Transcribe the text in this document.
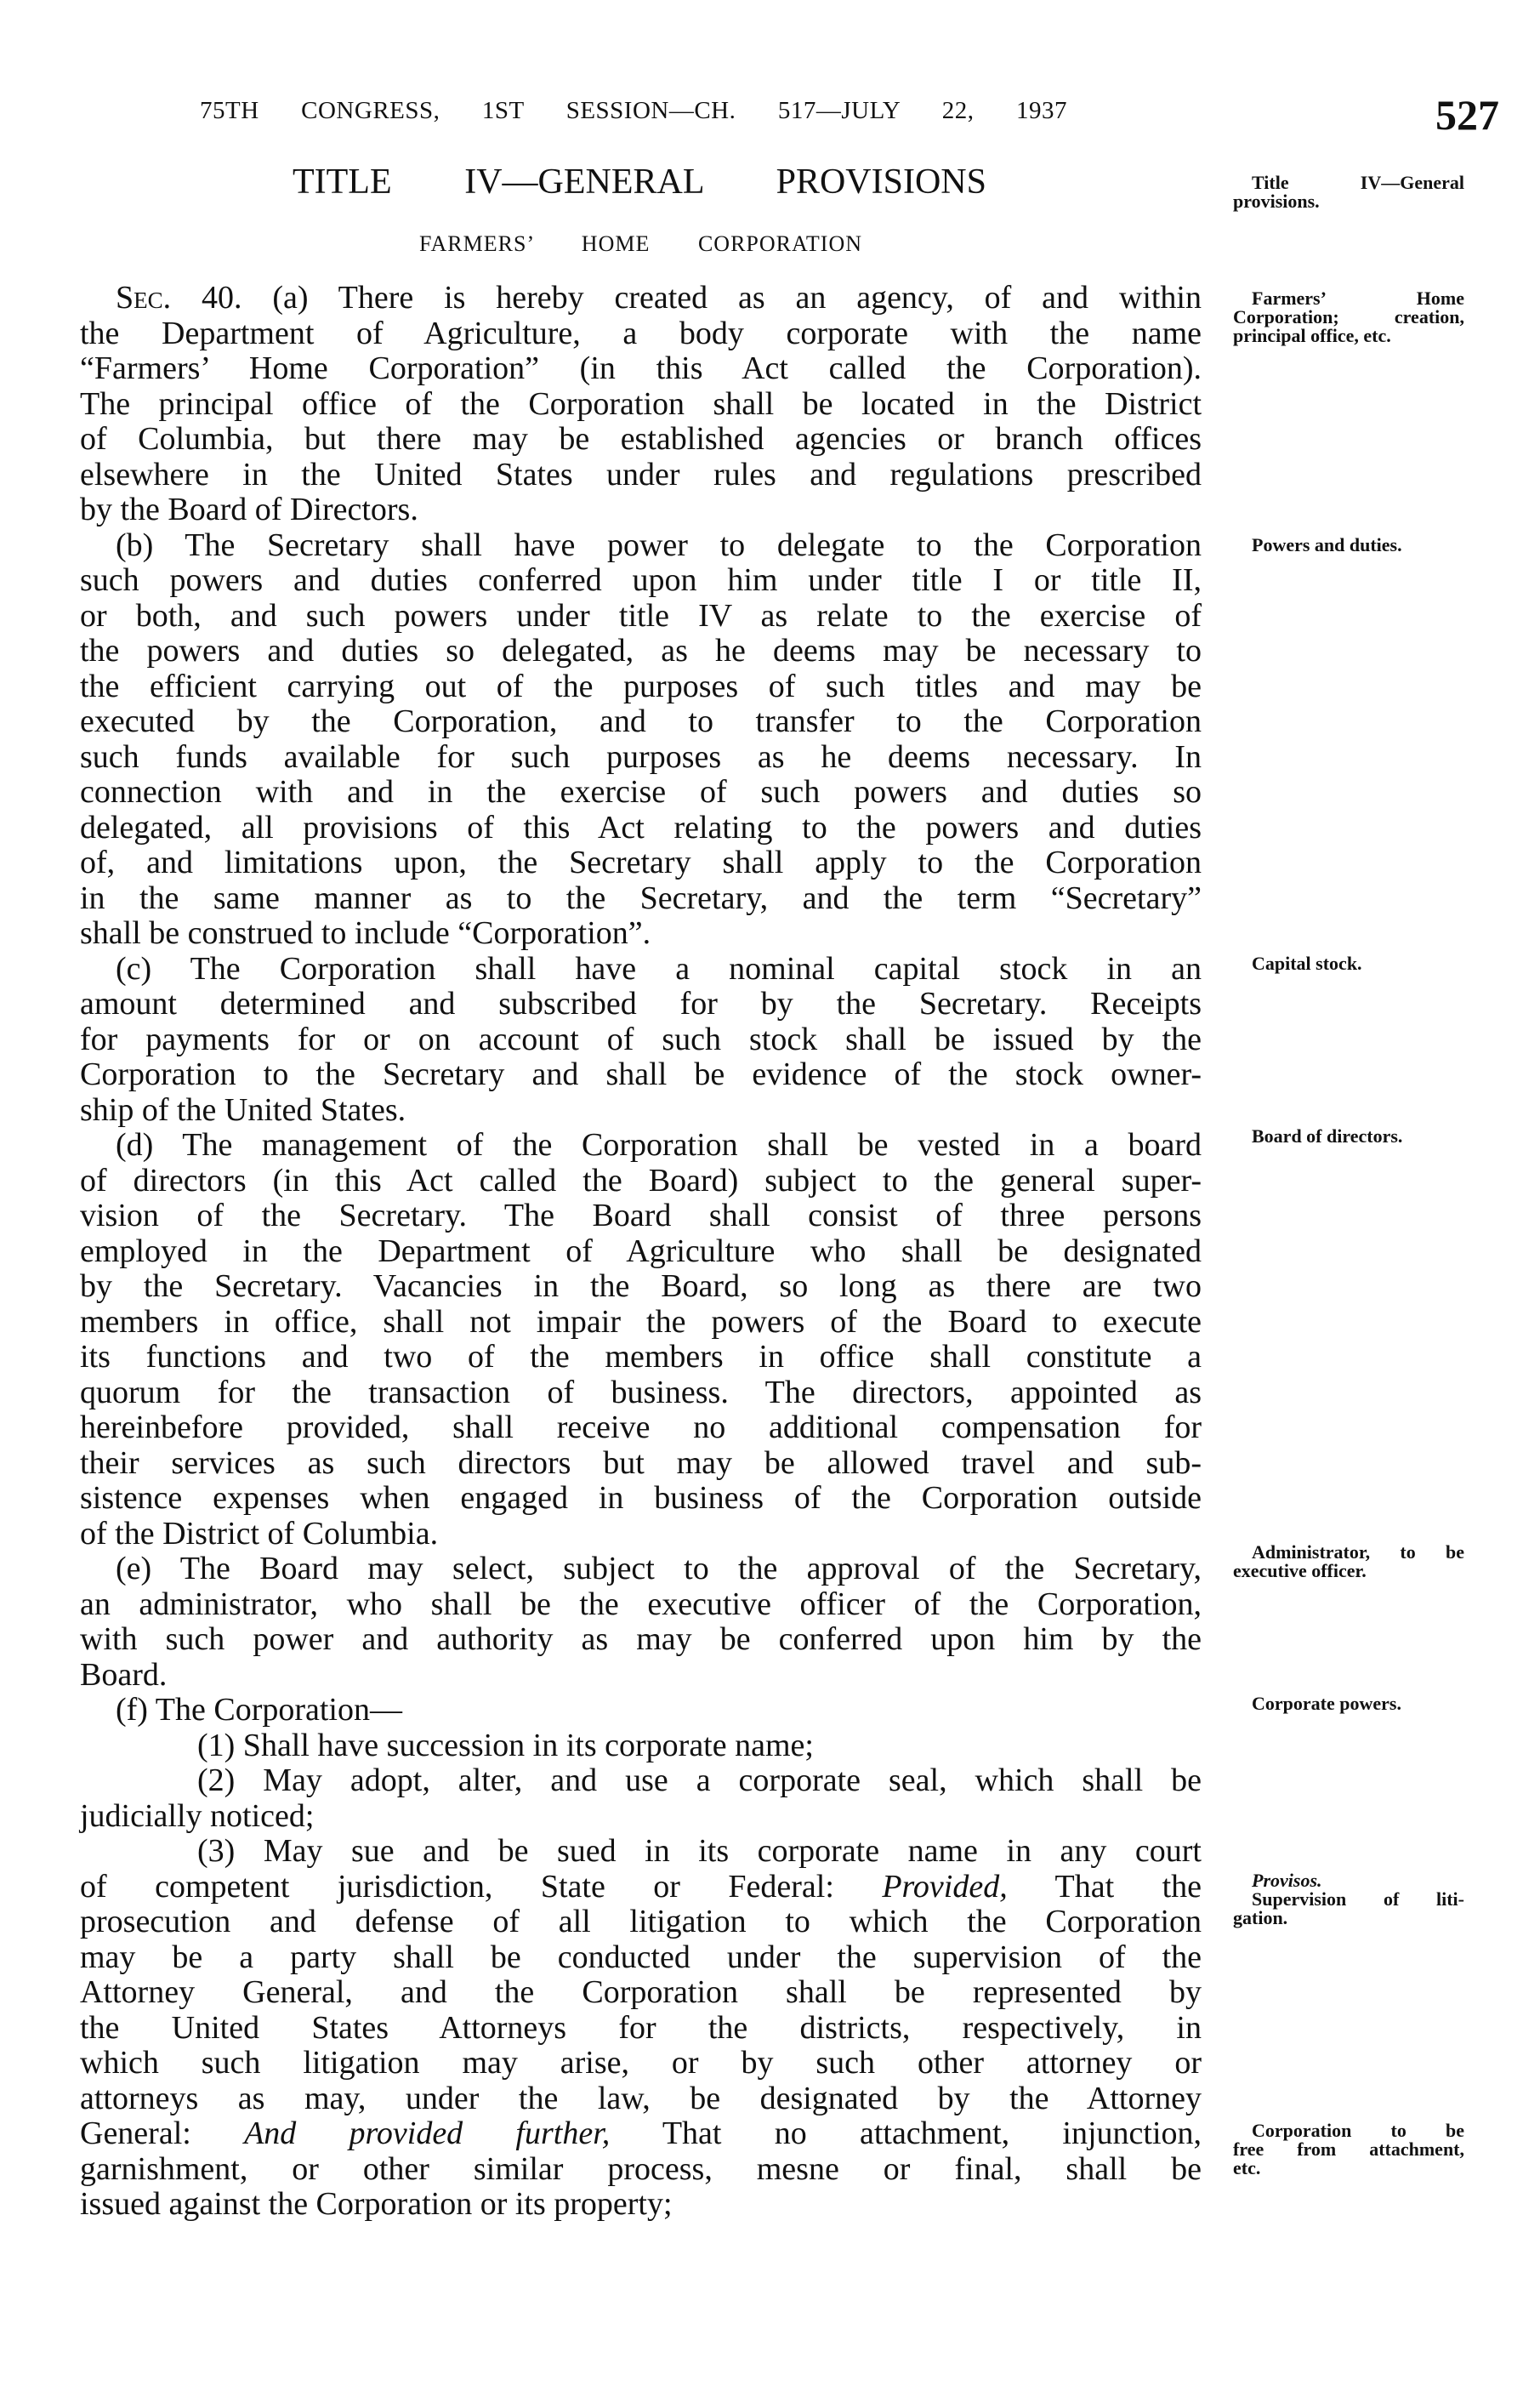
75TH CONGRESS, 1ST SESSION—CH. 517—JULY 22, 1937	527
TITLE IV—GENERAL PROVISIONS
FARMERS’ HOME CORPORATION
Sec. 40. (a) There is hereby created as an agency, of and within
the Department of Agriculture, a body corporate with the name
“Farmers’ Home Corporation” (in this Act called the Corporation).
The principal office of the Corporation shall be located in the District
of Columbia, but there may be established agencies or branch offices
elsewhere in the United States under rules and regulations prescribed
by the Board of Directors.
(b) The Secretary shall have power to delegate to the Corporation
such powers and duties conferred upon him under title I or title II,
or both, and such powers under title IV as relate to the exercise of
the powers and duties so delegated, as he deems may be necessary to
the efficient carrying out of the purposes of such titles and may be
executed by the Corporation, and to transfer to the Corporation
such funds available for such purposes as he deems necessary. In
connection with and in the exercise of such powers and duties so
delegated, all provisions of this Act relating to the powers and duties
of, and limitations upon, the Secretary shall apply to the Corporation
in the same manner as to the Secretary, and the term “Secretary”
shall be construed to include “Corporation”.
(c) The Corporation shall have a nominal capital stock in an
amount determined and subscribed for by the Secretary. Receipts
for payments for or on account of such stock shall be issued by the
Corporation to the Secretary and shall be evidence of the stock owner-
ship of the United States.
(d) The management of the Corporation shall be vested in a board
of directors (in this Act called the Board) subject to the general super-
vision of the Secretary. The Board shall consist of three persons
employed in the Department of Agriculture who shall be designated
by the Secretary. Vacancies in the Board, so long as there are two
members in office, shall not impair the powers of the Board to execute
its functions and two of the members in office shall constitute a
quorum for the transaction of business. The directors, appointed as
hereinbefore provided, shall receive no additional compensation for
their services as such directors but may be allowed travel and sub-
sistence expenses when engaged in business of the Corporation outside
of the District of Columbia.
(e) The Board may select, subject to the approval of the Secretary,
an administrator, who shall be the executive officer of the Corporation,
with such power and authority as may be conferred upon him by the
Board.
(f) The Corporation—
(1) Shall have succession in its corporate name;
(2) May adopt, alter, and use a corporate seal, which shall be
judicially noticed;
(3) May sue and be sued in its corporate name in any court
of competent jurisdiction, State or Federal: Provided, That the
prosecution and defense of all litigation to which the Corporation
may be a party shall be conducted under the supervision of the
Attorney General, and the Corporation shall be represented by
the United States Attorneys for the districts, respectively, in
which such litigation may arise, or by such other attorney or
attorneys as may, under the law, be designated by the Attorney
General: And provided further, That no attachment, injunction,
garnishment, or other similar process, mesne or final, shall be
issued against the Corporation or its property;
Title IV—General
provisions.
Farmers’ Home
Corporation; creation,
principal office, etc.
Powers and duties.
Capital stock.
Board of directors.
Administrator, to be
executive officer.
Corporate powers.
Provisos.
Supervision of liti-
gation.
Corporation to be
free from attachment,
etc.
